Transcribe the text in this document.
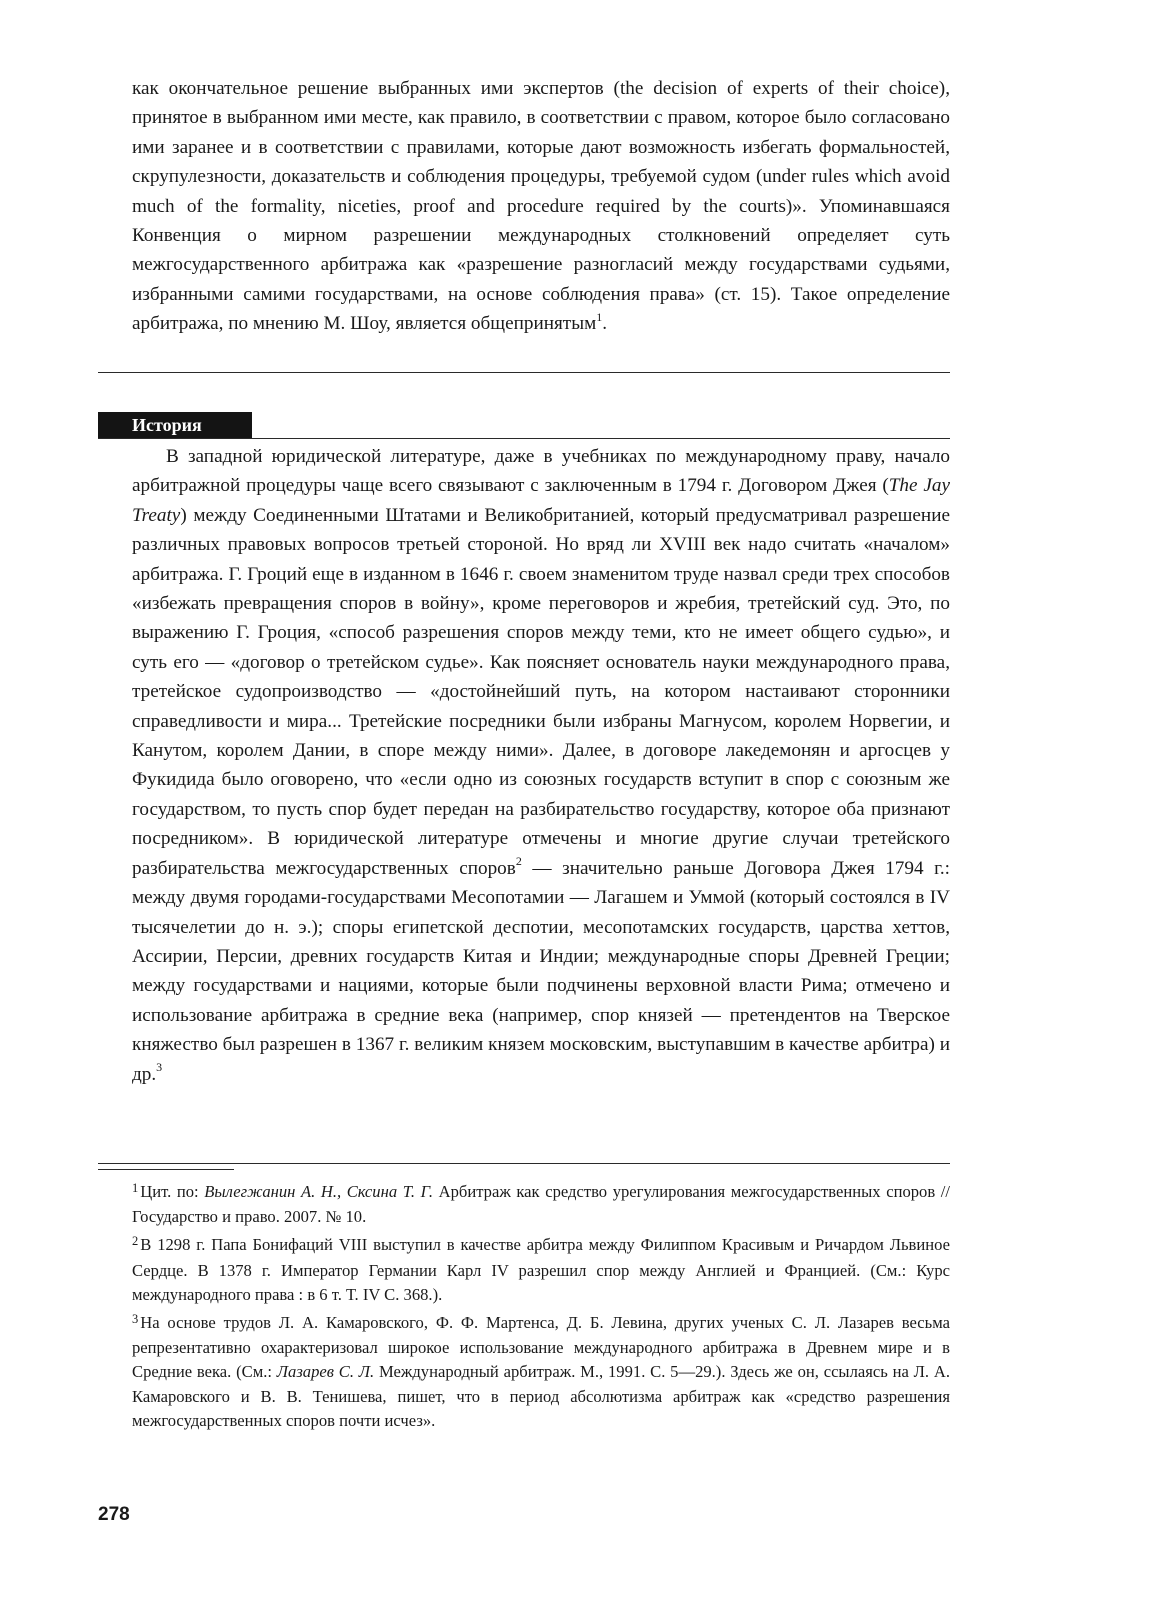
как окончательное решение выбранных ими экспертов (the decision of experts of their choice), принятое в выбранном ими месте, как правило, в соответствии с правом, которое было согласовано ими заранее и в соответствии с правилами, которые дают возможность избегать формальностей, скрупулезности, доказательств и соблюдения процедуры, требуемой судом (under rules which avoid much of the formality, niceties, proof and procedure required by the courts)». Упоминавшаяся Конвенция о мирном разрешении международных столкновений определяет суть межгосударственного арбитража как «разрешение разногласий между государствами судьями, избранными самими государствами, на основе соблюдения права» (ст. 15). Такое определение арбитража, по мнению М. Шоу, является общепринятым$^1$.

История

В западной юридической литературе, даже в учебниках по международному праву, начало арбитражной процедуры чаще всего связывают с заключенным в 1794 г. Договором Джея (The Jay Treaty) между Соединенными Штатами и Великобританией, который предусматривал разрешение различных правовых вопросов третьей стороной. Но вряд ли XVIII век надо считать «началом» арбитража. Г. Гроций еще в изданном в 1646 г. своем знаменитом труде назвал среди трех способов «избежать превращения споров в войну», кроме переговоров и жребия, третейский суд. Это, по выражению Г. Гроция, «способ разрешения споров между теми, кто не имеет общего судью», и суть его — «договор о третейском судье». Как поясняет основатель науки международного права, третейское судопроизводство — «достойнейший путь, на котором настаивают сторонники справедливости и мира... Третейские посредники были избраны Магнусом, королем Норвегии, и Канутом, королем Дании, в споре между ними». Далее, в договоре лакедемонян и аргосцев у Фукидида было оговорено, что «если одно из союзных государств вступит в спор с союзным же государством, то пусть спор будет передан на разбирательство государству, которое оба признают посредником». В юридической литературе отмечены и многие другие случаи третейского разбирательства межгосударственных споров$^2$ — значительно раньше Договора Джея 1794 г.: между двумя городами-государствами Месопотамии — Лагашем и Уммой (который состоялся в IV тысячелетии до н. э.); споры египетской деспотии, месопотамских государств, царства хеттов, Ассирии, Персии, древних государств Китая и Индии; международные споры Древней Греции; между государствами и нациями, которые были подчинены верховной власти Рима; отмечено и использование арбитража в средние века (например, спор князей — претендентов на Тверское княжество был разрешен в 1367 г. великим князем московским, выступавшим в качестве арбитра) и др.$^3$

$^1$ Цит. по: Вылегжанин А. Н., Сксина Т. Г. Арбитраж как средство урегулирования межгосударственных споров // Государство и право. 2007. № 10.

$^2$ В 1298 г. Папа Бонифаций VIII выступил в качестве арбитра между Филиппом Красивым и Ричардом Львиное Сердце. В 1378 г. Император Германии Карл IV разрешил спор между Англией и Францией. (См.: Курс международного права : в 6 т. Т. IV С. 368.).

$^3$ На основе трудов Л. А. Камаровского, Ф. Ф. Мартенса, Д. Б. Левина, других ученых С. Л. Лазарев весьма репрезентативно охарактеризовал широкое использование международного арбитража в Древнем мире и в Средние века. (См.: Лазарев С. Л. Международный арбитраж. М., 1991. С. 5—29.). Здесь же он, ссылаясь на Л. А. Камаровского и В. В. Тенишева, пишет, что в период абсолютизма арбитраж как «средство разрешения межгосударственных споров почти исчез».

278
